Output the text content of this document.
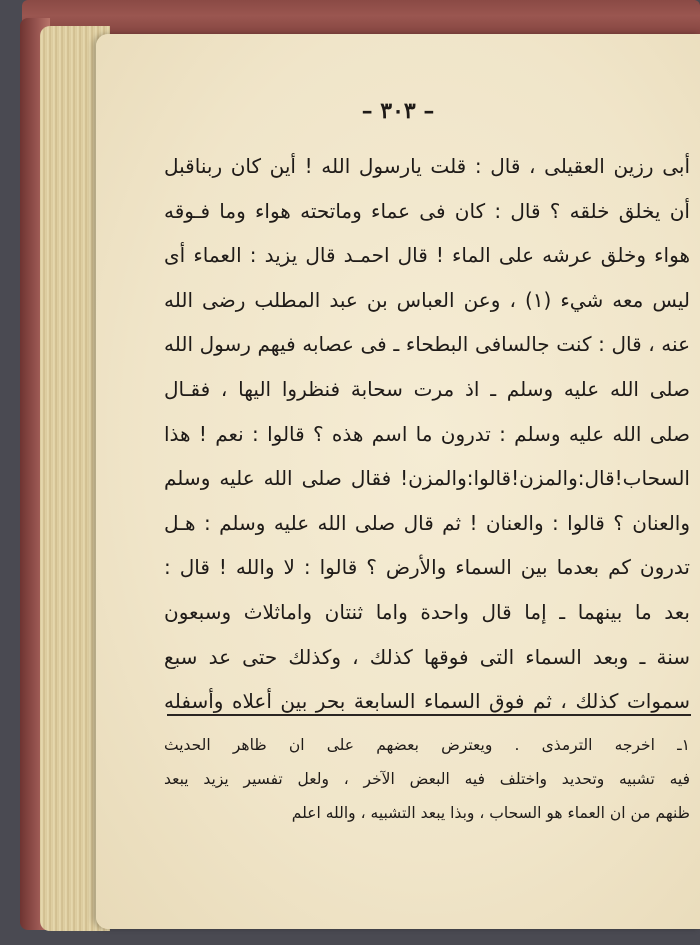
– ٣٠٣ –
أبى رزين العقيلى ، قال : قلت يارسول الله ! أين كان ربناقبل
أن يخلق خلقه ؟ قال : كان فى عماء وماتحته هواء وما فـوقه
هواء وخلق عرشه على الماء ! قال احمـد قال يزيد : العماء أى
ليس معه شيء (١) ، وعن العباس بن عبد المطلب رضى الله
عنه ، قال : كنت جالسافى البطحاء ـ فى عصابه فيهم رسول الله
صلى الله عليه وسلم ـ اذ مرت سحابة فنظروا اليها ، فقـال
صلى الله عليه وسلم : تدرون ما اسم هذه ؟ قالوا : نعم ! هذا
السحاب!قال:والمزن!قالوا:والمزن! فقال صلى الله عليه وسلم
والعنان ؟ قالوا : والعنان ! ثم قال صلى الله عليه وسلم : هـل
تدرون كم بعدما بين السماء والأرض ؟ قالوا : لا والله ! قال :
بعد ما بينهما ـ إما قال واحدة واما ثنتان واماثلاث وسبعون
سنة ـ وبعد السماء التى فوقها كذلك ، وكذلك حتى عد سبع
سموات كذلك ، ثم فوق السماء السابعة بحر بين أعلاه وأسفله
١ـ اخرجه الترمذى . ويعترض بعضهم على ان ظاهر الحديث
فيه تشبيه وتحديد واختلف فيه البعض الآخر ، ولعل تفسير يزيد يبعد
ظنهم من ان العماء هو السحاب ، وبذا يبعد التشبيه ، والله اعلم
